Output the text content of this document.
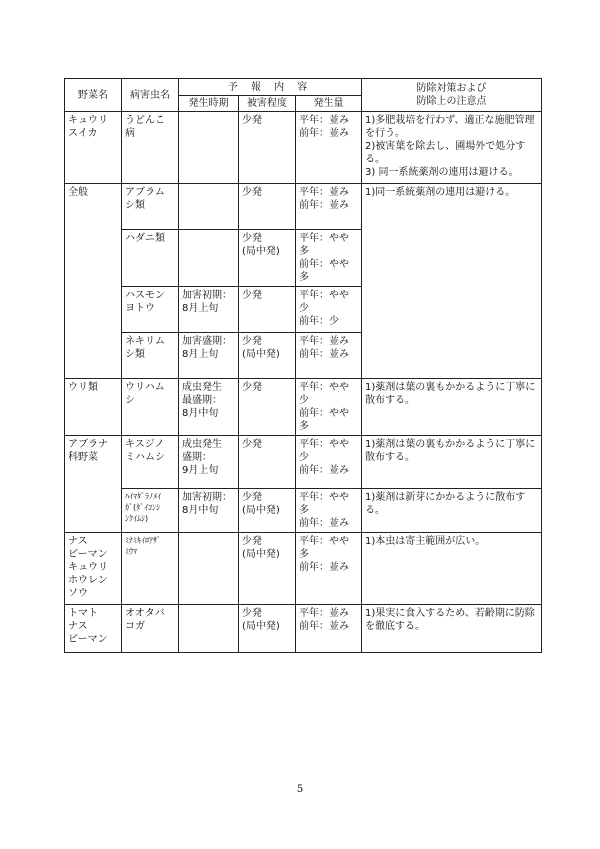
野菜名	病害虫名	予 報 内 容			防除対策および
防除上の注意点

		発生時期	被害程度	発生量	

キュウリ
スイカ	うどんこ
病		少発	平年：並み
前年：並み	1)多肥栽培を行わず、適正な施肥管理を行う。
2)被害葉を除去し、圃場外で処分する。
3) 同一系統薬剤の連用は避ける。

全般	アブラム
シ類		少発	平年：並み
前年：並み	1)同一系統薬剤の連用は避ける。

	ハダニ類		少発
(局中発)	平年：やや多
前年：やや多	

	ハスモン
ヨトウ	加害初期：
8月上旬	少発	平年：やや少
前年：少	

	ネキリム
シ類	加害盛期：
8月上旬	少発
(局中発)	平年：並み
前年：並み	

ウリ類	ウリハム
シ	成虫発生
最盛期：
8月中旬	少発	平年：やや少
前年：やや多	1)薬剤は葉の裏もかかるように丁寧に散布する。

アブラナ
科野菜	キスジノ
ミハムシ	成虫発生
盛期：
9月上旬	少発	平年：やや少
前年：並み	1)薬剤は葉の裏もかかるように丁寧に散布する。

	ﾊｲﾏﾀﾞﾗﾉﾒｲ
ｶﾞ(ﾀﾞｲｺﾝｼ
ﾝｸｲﾑｼ)	加害初期：
8月中旬	少発
(局中発)	平年：やや多
前年：並み	1)薬剤は新芽にかかるように散布する。

ナス
ピーマン
キュウリ
ホウレン
ソウ	ﾐﾅﾐｷｲﾛｱｻﾞ
ﾐｳﾏ		少発
(局中発)	平年：やや多
前年：並み	1)本虫は寄主範囲が広い。

トマト
ナス
ピーマン	オオタバ
コガ		少発
(局中発)	平年：並み
前年：並み	1)果実に食入するため、若齢期に防除を徹底する。
5
